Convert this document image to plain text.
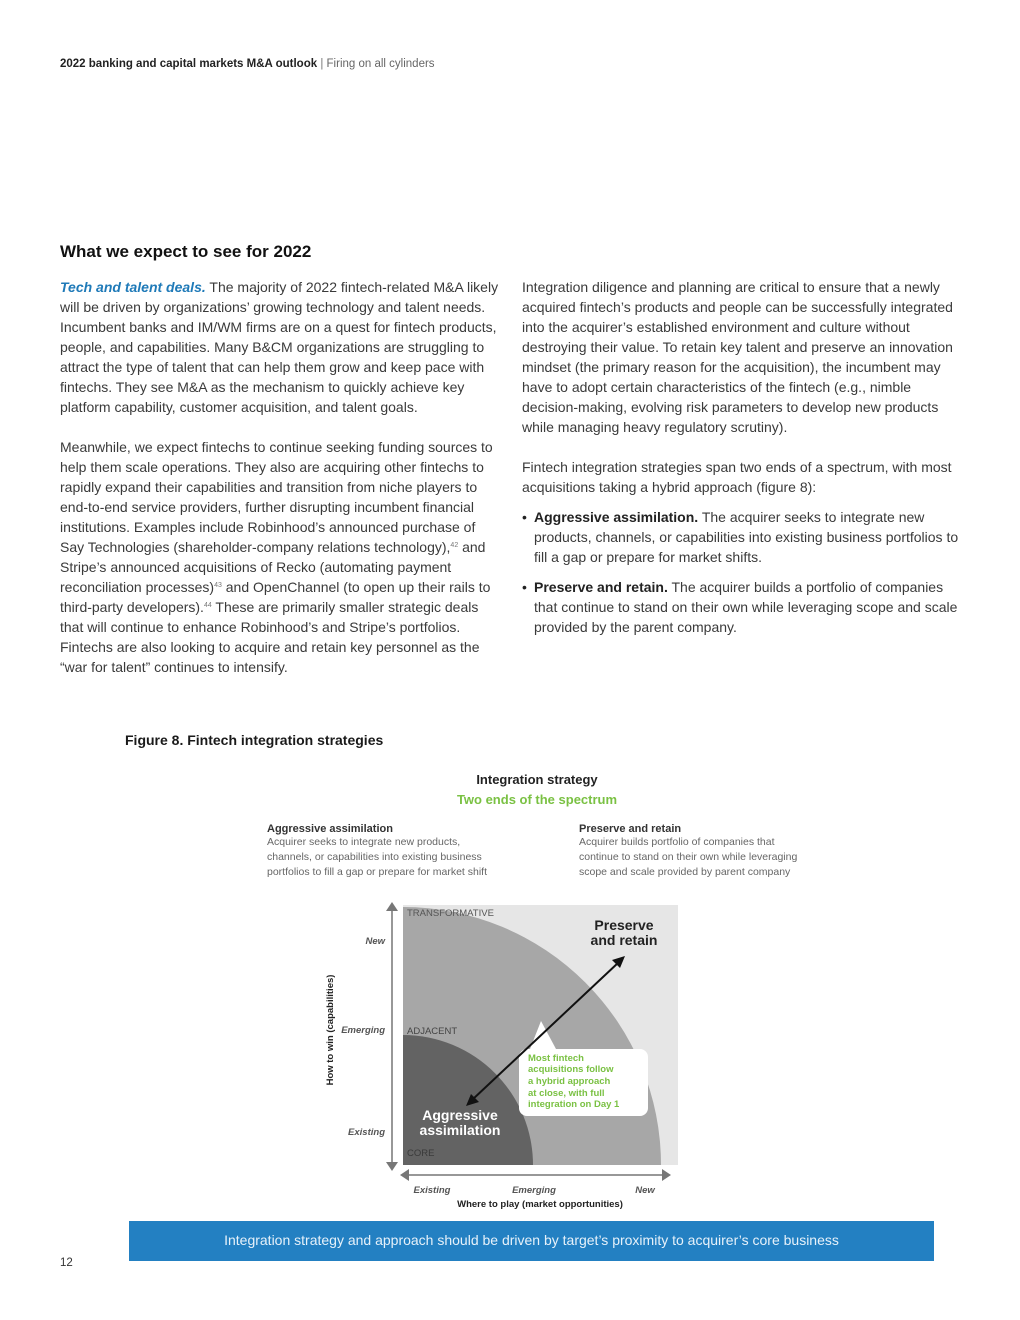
2022 banking and capital markets M&A outlook | Firing on all cylinders
What we expect to see for 2022

Tech and talent deals. The majority of 2022 fintech-related M&A likely will be driven by organizations’ growing technology and talent needs. Incumbent banks and IM/WM firms are on a quest for fintech products, people, and capabilities. Many B&CM organizations are struggling to attract the type of talent that can help them grow and keep pace with fintechs. They see M&A as the mechanism to quickly achieve key platform capability, customer acquisition, and talent goals.

Meanwhile, we expect fintechs to continue seeking funding sources to help them scale operations. They also are acquiring other fintechs to rapidly expand their capabilities and transition from niche players to end-to-end service providers, further disrupting incumbent financial institutions. Examples include Robinhood’s announced purchase of Say Technologies (shareholder-company relations technology),$^{42}$ and Stripe’s announced acquisitions of Recko (automating payment reconciliation processes)$^{43}$ and OpenChannel (to open up their rails to third-party developers).$^{44}$ These are primarily smaller strategic deals that will continue to enhance Robinhood’s and Stripe’s portfolios. Fintechs are also looking to acquire and retain key personnel as the “war for talent” continues to intensify.

Integration diligence and planning are critical to ensure that a newly acquired fintech’s products and people can be successfully integrated into the acquirer’s established environment and culture without destroying their value. To retain key talent and preserve an innovation mindset (the primary reason for the acquisition), the incumbent may have to adopt certain characteristics of the fintech (e.g., nimble decision-making, evolving risk parameters to develop new products while managing heavy regulatory scrutiny).

Fintech integration strategies span two ends of a spectrum, with most acquisitions taking a hybrid approach (figure 8):

• Aggressive assimilation. The acquirer seeks to integrate new products, channels, or capabilities into existing business portfolios to fill a gap or prepare for market shifts.
• Preserve and retain. The acquirer builds a portfolio of companies that continue to stand on their own while leveraging scope and scale provided by the parent company.
Figure 8. Fintech integration strategies
Integration strategy
Two ends of the spectrum
Aggressive assimilation
Acquirer seeks to integrate new products,
channels, or capabilities into existing business
portfolios to fill a gap or prepare for market shift
Preserve and retain
Acquirer builds portfolio of companies that
continue to stand on their own while leveraging
scope and scale provided by parent company
TRANSFORMATIVE
ADJACENT
CORE
Preserve
and retain
Aggressive
assimilation
Most fintech
acquisitions follow
a hybrid approach
at close, with full
integration on Day 1
New
Emerging
Existing
How to win (capabilities)
Existing	Emerging	New
Where to play (market opportunities)
Integration strategy and approach should be driven by target’s proximity to acquirer’s core business
12
